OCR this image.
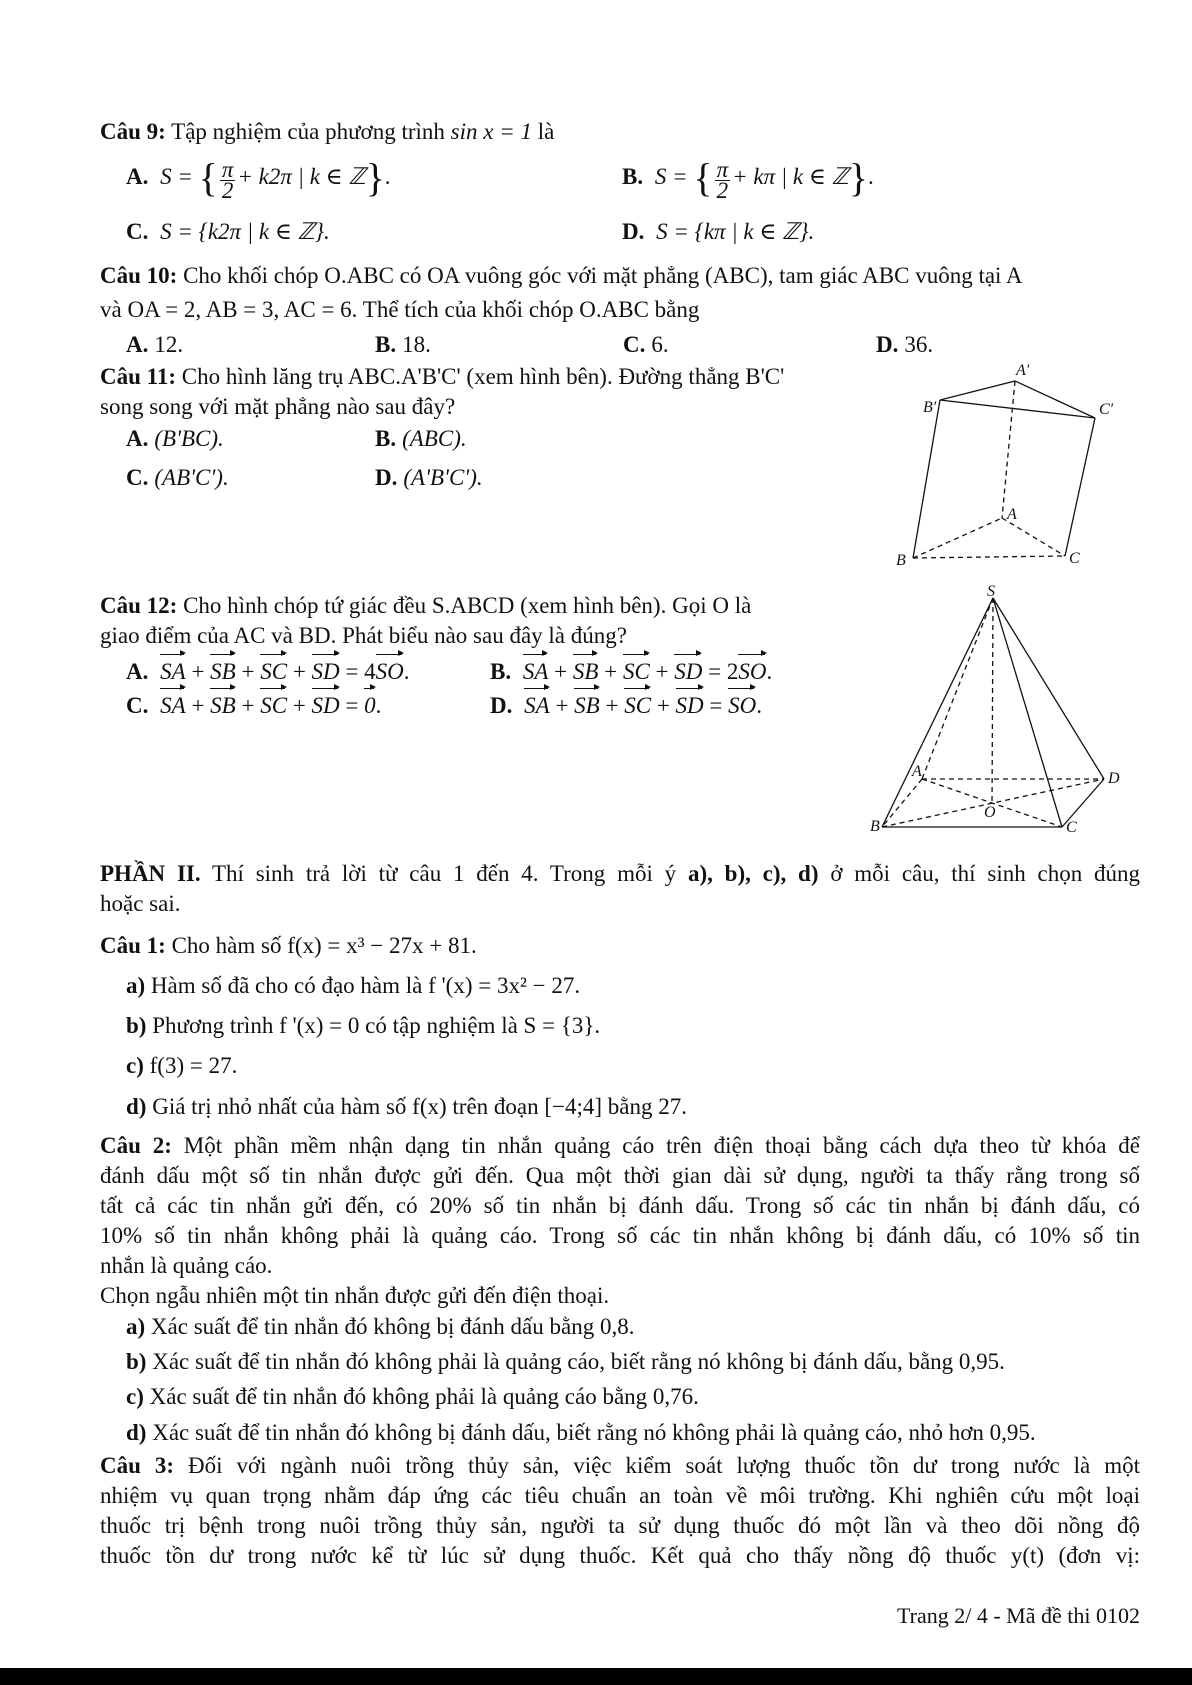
Câu 9: Tập nghiệm của phương trình sin x = 1 là
A. S = { $\frac{\pi}{2} + k2\pi$ | k ∈ ℤ}.	B. S = { $\frac{\pi}{2} + k\pi$ | k ∈ ℤ}.
C. S = {k2π | k ∈ ℤ}.	D. S = {kπ | k ∈ ℤ}.
Câu 10: Cho khối chóp O.ABC có OA vuông góc với mặt phẳng (ABC), tam giác ABC vuông tại A
và OA = 2, AB = 3, AC = 6. Thể tích của khối chóp O.ABC bằng
A. 12.	B. 18.	C. 6.	D. 36.
Câu 11: Cho hình lăng trụ ABC.A'B'C' (xem hình bên). Đường thẳng B'C'
song song với mặt phẳng nào sau đây?
A. (B'BC).	B. (ABC).
C. (AB'C').	D. (A'B'C').
A′
B′	C′
A
B	C
Câu 12: Cho hình chóp tứ giác đều S.ABCD (xem hình bên). Gọi O là
giao điểm của AC và BD. Phát biểu nào sau đây là đúng?
A. SA + SB + SC + SD = 4SO.	B. SA + SB + SC + SD = 2SO.
C. SA + SB + SC + SD = 0.	D. SA + SB + SC + SD = SO.
S
A
B	C
D
O
PHẦN II. Thí sinh trả lời từ câu 1 đến 4. Trong mỗi ý a), b), c), d) ở mỗi câu, thí sinh chọn đúng
hoặc sai.
Câu 1: Cho hàm số f(x) = x³ − 27x + 81.
a) Hàm số đã cho có đạo hàm là f '(x) = 3x² − 27.
b) Phương trình f '(x) = 0 có tập nghiệm là S = {3}.
c) f(3) = 27.
d) Giá trị nhỏ nhất của hàm số f(x) trên đoạn [−4;4] bằng 27.
Câu 2: Một phần mềm nhận dạng tin nhắn quảng cáo trên điện thoại bằng cách dựa theo từ khóa để
đánh dấu một số tin nhắn được gửi đến. Qua một thời gian dài sử dụng, người ta thấy rằng trong số
tất cả các tin nhắn gửi đến, có 20% số tin nhắn bị đánh dấu. Trong số các tin nhắn bị đánh dấu, có
10% số tin nhắn không phải là quảng cáo. Trong số các tin nhắn không bị đánh dấu, có 10% số tin
nhắn là quảng cáo.
Chọn ngẫu nhiên một tin nhắn được gửi đến điện thoại.
a) Xác suất để tin nhắn đó không bị đánh dấu bằng 0,8.
b) Xác suất để tin nhắn đó không phải là quảng cáo, biết rằng nó không bị đánh dấu, bằng 0,95.
c) Xác suất để tin nhắn đó không phải là quảng cáo bằng 0,76.
d) Xác suất để tin nhắn đó không bị đánh dấu, biết rằng nó không phải là quảng cáo, nhỏ hơn 0,95.
Câu 3: Đối với ngành nuôi trồng thủy sản, việc kiểm soát lượng thuốc tồn dư trong nước là một
nhiệm vụ quan trọng nhằm đáp ứng các tiêu chuẩn an toàn về môi trường. Khi nghiên cứu một loại
thuốc trị bệnh trong nuôi trồng thủy sản, người ta sử dụng thuốc đó một lần và theo dõi nồng độ
thuốc tồn dư trong nước kể từ lúc sử dụng thuốc. Kết quả cho thấy nồng độ thuốc y(t) (đơn vị:
Trang 2/ 4 - Mã đề thi 0102
